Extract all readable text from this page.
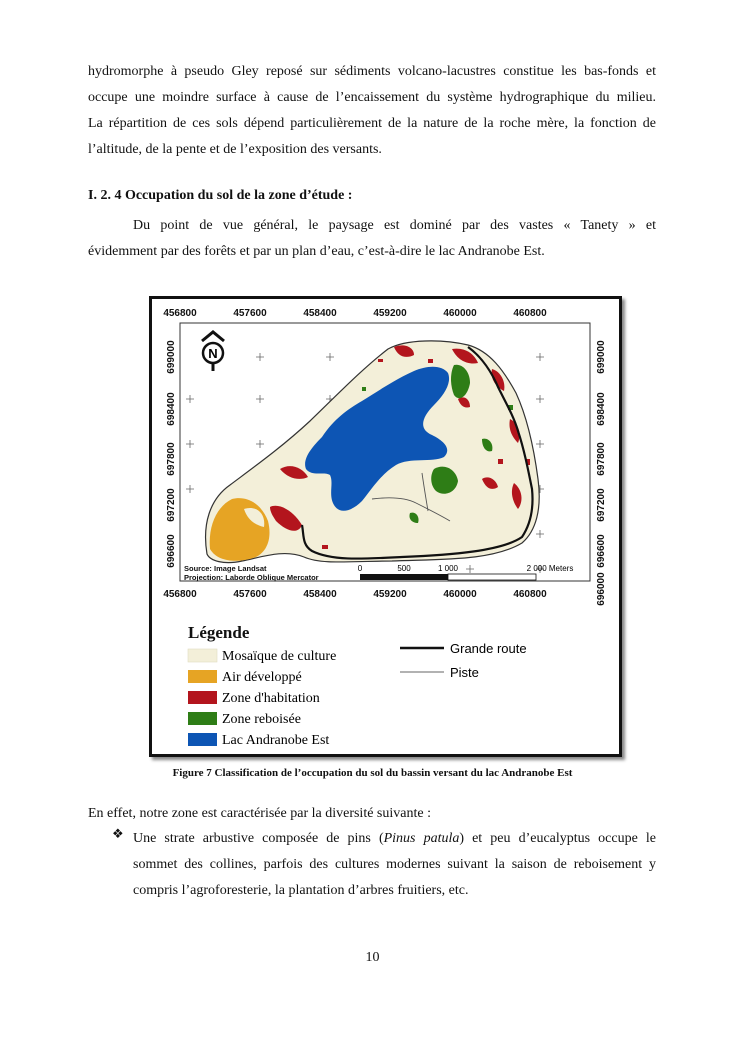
hydromorphe à pseudo Gley reposé sur sédiments volcano-lacustres constitue les bas-fonds et
occupe une moindre surface à cause de l’encaissement du système hydrographique du milieu.
La répartition de ces sols dépend particulièrement de la nature de la roche mère, la fonction de
l’altitude, de la pente et de l’exposition des versants.

I. 2. 4 Occupation du sol de la zone d’étude :

Du point de vue général, le paysage est dominé par des vastes « Tanety » et
évidemment par des forêts et par un plan d’eau, c’est-à-dire le lac Andranobe Est.
456800	457600	458400	459200	460000	460800
456800	457600	458400	459200	460000	460800
699000
698400
697800
697200
696600
699000
698400
697800
697200
696600
696000
N
Source: Image Landsat
Projection: Laborde Oblique Mercator
0	500	1 000	2 000 Meters
Légende
Mosaïque de culture
Air développé
Zone d'habitation
Zone reboisée
Lac Andranobe Est
Grande route
Piste
Figure 7 Classification de l’occupation du sol du bassin versant du lac Andranobe Est

En effet, notre zone est caractérisée par la diversité suivante :

❖ Une strate arbustive composée de pins (Pinus patula) et peu d’eucalyptus occupe le
sommet des collines, parfois des cultures modernes suivant la saison de reboisement y
compris l’agroforesterie, la plantation d’arbres fruitiers, etc.
10
